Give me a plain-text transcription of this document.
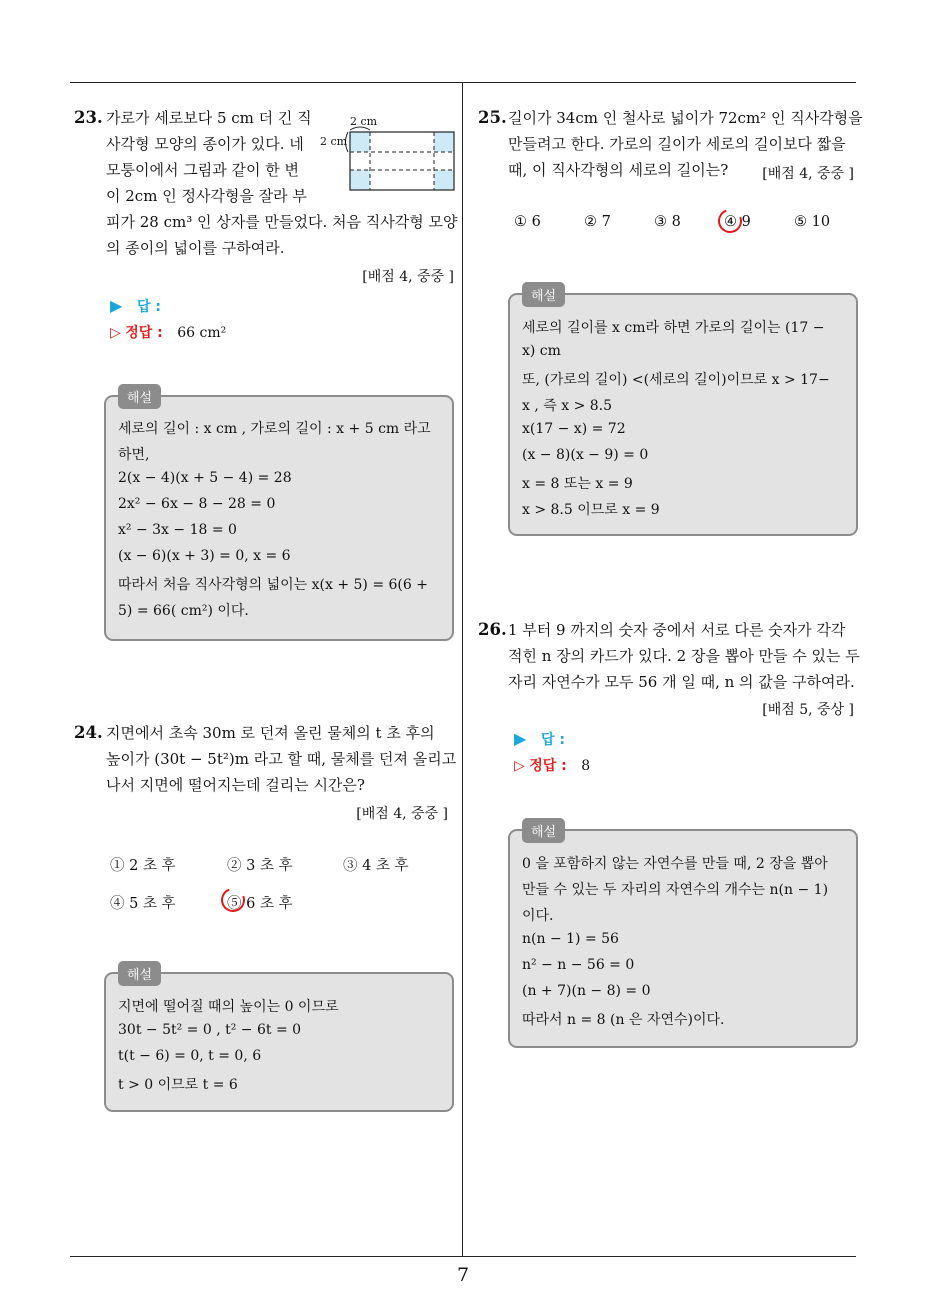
7
23. 가로가 세로보다 5 cm 더 긴 직
사각형 모양의 종이가 있다. 네
모퉁이에서 그림과 같이 한 변
이 2cm 인 정사각형을 잘라 부
피가 28 cm³ 인 상자를 만들었다. 처음 직사각형 모양
의 종이의 넓이를 구하여라.
2 cm
2 cm
[배점 4, 중중 ]
▶ 답 :
▷ 정답 : 66 cm²
해설
세로의 길이 : x cm , 가로의 길이 : x + 5 cm 라고
하면,
2(x − 4)(x + 5 − 4) = 28
2x² − 6x − 8 − 28 = 0
x² − 3x − 18 = 0
(x − 6)(x + 3) = 0, x = 6
따라서 처음 직사각형의 넓이는 x(x + 5) = 6(6 +
5) = 66( cm²) 이다.
24. 지면에서 초속 30m 로 던져 올린 물체의 t 초 후의
높이가 (30t − 5t²)m 라고 할 때, 물체를 던져 올리고
나서 지면에 떨어지는데 걸리는 시간은?
[배점 4, 중중 ]
① 2 초 후	② 3 초 후	③ 4 초 후
④ 5 초 후	⑤ 6 초 후
해설
지면에 떨어질 때의 높이는 0 이므로
30t − 5t² = 0 , t² − 6t = 0
t(t − 6) = 0, t = 0, 6
t > 0 이므로 t = 6
25. 길이가 34cm 인 철사로 넓이가 72cm² 인 직사각형을
만들려고 한다. 가로의 길이가 세로의 길이보다 짧을
때, 이 직사각형의 세로의 길이는? [배점 4, 중중 ]
① 6	② 7	③ 8	④ 9	⑤ 10
해설
세로의 길이를 x cm라 하면 가로의 길이는 (17 −
x) cm
또, (가로의 길이) <(세로의 길이)이므로 x > 17−
x , 즉 x > 8.5
x(17 − x) = 72
(x − 8)(x − 9) = 0
x = 8 또는 x = 9
x > 8.5 이므로 x = 9
26. 1 부터 9 까지의 숫자 중에서 서로 다른 숫자가 각각
적힌 n 장의 카드가 있다. 2 장을 뽑아 만들 수 있는 두
자리 자연수가 모두 56 개 일 때, n 의 값을 구하여라.
[배점 5, 중상 ]
▶ 답 :
▷ 정답 : 8
해설
0 을 포함하지 않는 자연수를 만들 때, 2 장을 뽑아
만들 수 있는 두 자리의 자연수의 개수는 n(n − 1)
이다.
n(n − 1) = 56
n² − n − 56 = 0
(n + 7)(n − 8) = 0
따라서 n = 8 (n 은 자연수)이다.
